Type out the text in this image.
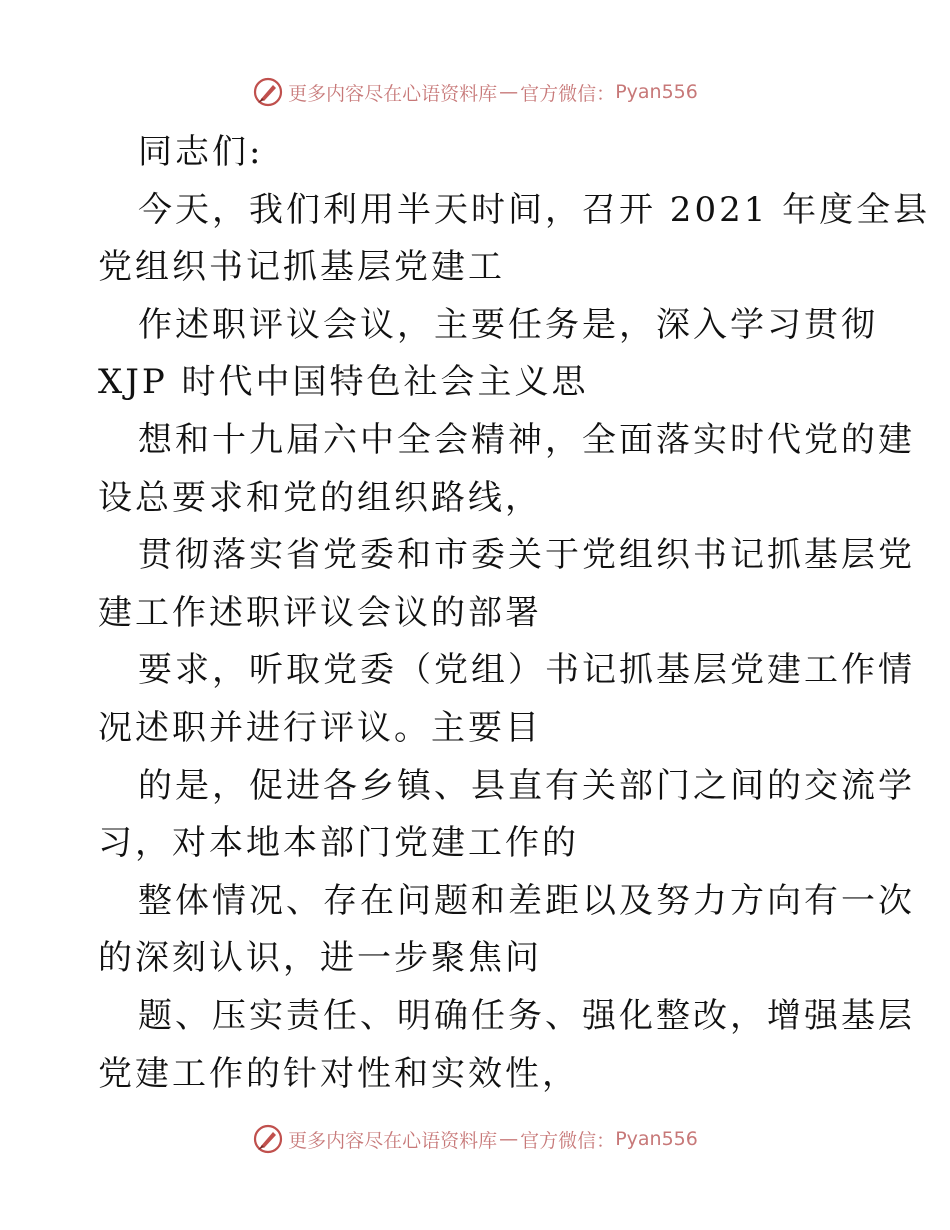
更多内容尽在心语资料库 — 官方微信： Pyan556
同志们:
今天，我们利用半天时间，召开 2021 年度全县
党组织书记抓基层党建工
作述职评议会议，主要任务是，深入学习贯彻
XJP 时代中国特色社会主义思
想和十九届六中全会精神，全面落实时代党的建
设总要求和党的组织路线，
贯彻落实省党委和市委关于党组织书记抓基层党
建工作述职评议会议的部署
要求，听取党委（党组）书记抓基层党建工作情
况述职并进行评议。主要目
的是，促进各乡镇、县直有关部门之间的交流学
习，对本地本部门党建工作的
整体情况、存在问题和差距以及努力方向有一次
的深刻认识，进一步聚焦问
题、压实责任、明确任务、强化整改，增强基层
党建工作的针对性和实效性，
更多内容尽在心语资料库 — 官方微信： Pyan556
